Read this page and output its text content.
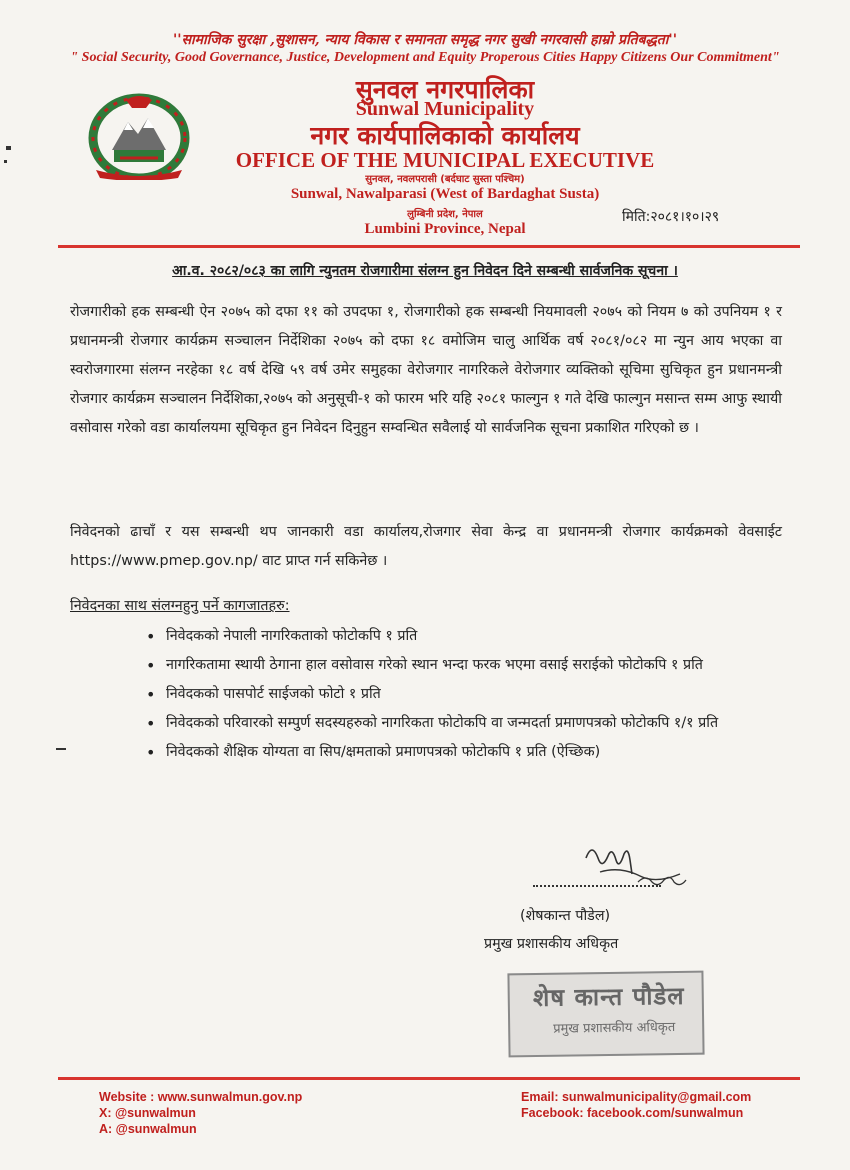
''सामाजिक सुरक्षा ,सुशासन, न्याय विकास र समानता समृद्ध नगर सुखी नगरवासी हाम्रो प्रतिबद्धता''
" Social Security, Good Governance, Justice, Development and Equity Properous Cities Happy Citizens Our Commitment"
सुनवल नगरपालिका
Sunwal Municipality
नगर कार्यपालिकाको कार्यालय
OFFICE OF THE MUNICIPAL EXECUTIVE
सुनवल, नवलपरासी (बर्दघाट सुस्ता पश्चिम)
Sunwal, Nawalparasi (West of Bardaghat Susta)
लुम्बिनी प्रदेश, नेपाल
Lumbini Province, Nepal
मिति:२०८१।१०।२९
आ.व. २०८२/०८३ का लागि न्युनतम रोजगारीमा संलग्न हुन निवेदन दिने सम्बन्धी सार्वजनिक सूचना ।

रोजगारीको हक सम्बन्धी ऐन २०७५ को दफा ११ को उपदफा १, रोजगारीको हक सम्बन्धी नियमावली २०७५ को नियम ७ को उपनियम १ र प्रधानमन्त्री रोजगार कार्यक्रम सञ्चालन निर्देशिका २०७५ को दफा १८ वमोजिम चालु आर्थिक वर्ष २०८१/०८२ मा न्युन आय भएका वा स्वरोजगारमा संलग्न नरहेका १८ वर्ष देखि ५९ वर्ष उमेर समुहका वेरोजगार नागरिकले वेरोजगार व्यक्तिको सूचिमा सुचिकृत हुन प्रधानमन्त्री रोजगार कार्यक्रम सञ्चालन निर्देशिका,२०७५ को अनुसूची-१ को फारम भरि यहि २०८१ फाल्गुन १ गते देखि फाल्गुन मसान्त सम्म आफु स्थायी वसोवास गरेको वडा कार्यालयमा सूचिकृत हुन निवेदन दिनुहुन सम्वन्धित सवैलाई यो सार्वजनिक सूचना प्रकाशित गरिएको छ ।

निवेदनको ढाचाँ र यस सम्बन्धी थप जानकारी वडा कार्यालय,रोजगार सेवा केन्द्र वा प्रधानमन्त्री रोजगार कार्यक्रमको वेवसाईट https://www.pmep.gov.np/ वाट प्राप्त गर्न सकिनेछ ।

निवेदनका साथ संलग्नहुनु पर्ने कागजातहरु:
• निवेदकको नेपाली नागरिकताको फोटोकपि १ प्रति
• नागरिकतामा स्थायी ठेगाना हाल वसोवास गरेको स्थान भन्दा फरक भएमा वसाई सराईको फोटोकपि १ प्रति
• निवेदकको पासपोर्ट साईजको फोटो १ प्रति
• निवेदकको परिवारको सम्पुर्ण सदस्यहरुको नागरिकता फोटोकपि वा जन्मदर्ता प्रमाणपत्रको फोटोकपि १/१ प्रति
• निवेदकको शैक्षिक योग्यता वा सिप/क्षमताको प्रमाणपत्रको फोटोकपि १ प्रति (ऐच्छिक)
(शेषकान्त पौडेल)
प्रमुख प्रशासकीय अधिकृत
शेष कान्त पौडेल
प्रमुख प्रशासकीय अधिकृत
Website : www.sunwalmun.gov.np
X: @sunwalmun
A: @sunwalmun
Email: sunwalmunicipality@gmail.com
Facebook: facebook.com/sunwalmun
